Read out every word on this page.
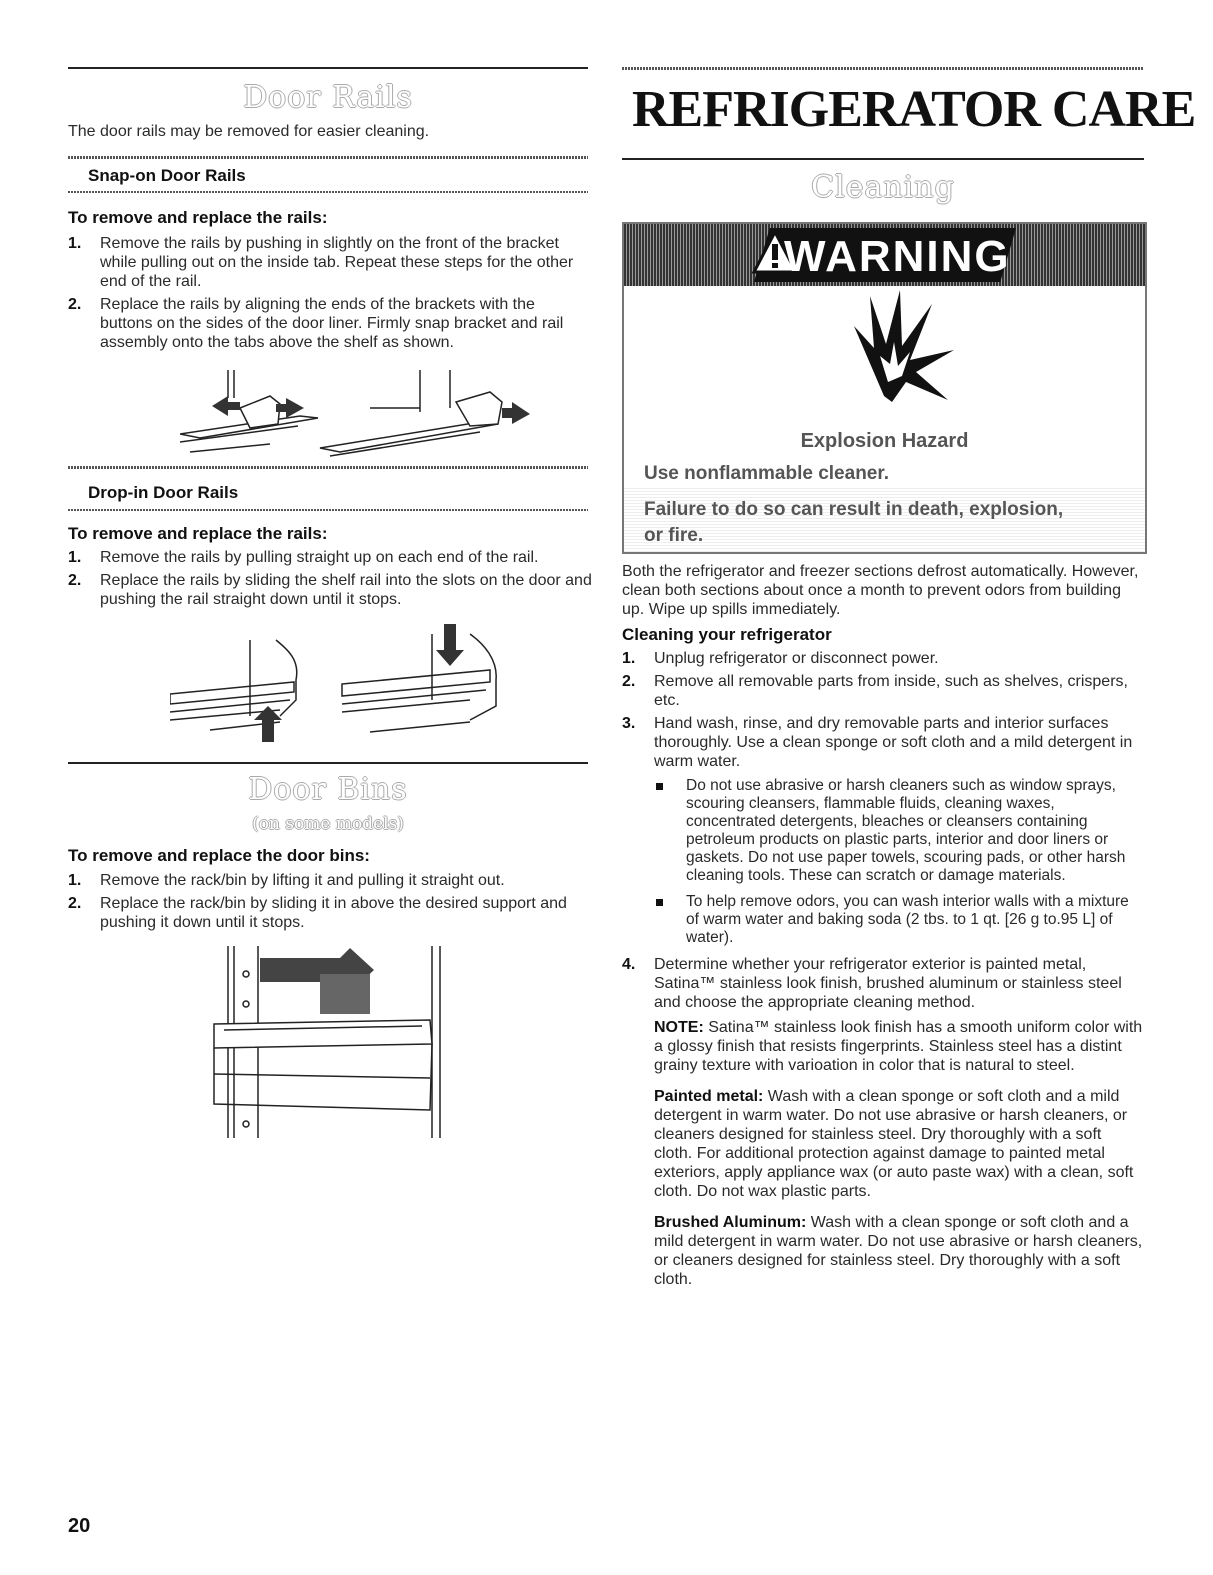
Door Rails
The door rails may be removed for easier cleaning.
Snap-on Door Rails
To remove and replace the rails:
1. Remove the rails by pushing in slightly on the front of the bracket while pulling out on the inside tab. Repeat these steps for the other end of the rail.
2. Replace the rails by aligning the ends of the brackets with the buttons on the sides of the door liner. Firmly snap bracket and rail assembly onto the tabs above the shelf as shown.
Drop-in Door Rails
To remove and replace the rails:
1. Remove the rails by pulling straight up on each end of the rail.
2. Replace the rails by sliding the shelf rail into the slots on the door and pushing the rail straight down until it stops.
Door Bins
(on some models)
To remove and replace the door bins:
1. Remove the rack/bin by lifting it and pulling it straight out.
2. Replace the rack/bin by sliding it in above the desired support and pushing it down until it stops.
20
REFRIGERATOR CARE
Cleaning
WARNING
Explosion Hazard
Use nonflammable cleaner.
Failure to do so can result in death, explosion,
or fire.

Both the refrigerator and freezer sections defrost automatically. However, clean both sections about once a month to prevent odors from building up. Wipe up spills immediately.

Cleaning your refrigerator
1. Unplug refrigerator or disconnect power.
2. Remove all removable parts from inside, such as shelves, crispers, etc.
3. Hand wash, rinse, and dry removable parts and interior surfaces thoroughly. Use a clean sponge or soft cloth and a mild detergent in warm water.
Do not use abrasive or harsh cleaners such as window sprays, scouring cleansers, flammable fluids, cleaning waxes, concentrated detergents, bleaches or cleansers containing petroleum products on plastic parts, interior and door liners or gaskets. Do not use paper towels, scouring pads, or other harsh cleaning tools. These can scratch or damage materials.
To help remove odors, you can wash interior walls with a mixture of warm water and baking soda (2 tbs. to 1 qt. [26 g to.95 L] of water).
4. Determine whether your refrigerator exterior is painted metal, Satina™ stainless look finish, brushed aluminum or stainless steel and choose the appropriate cleaning method.

NOTE: Satina™ stainless look finish has a smooth uniform color with a glossy finish that resists fingerprints. Stainless steel has a distint grainy texture with varioation in color that is natural to steel.

Painted metal: Wash with a clean sponge or soft cloth and a mild detergent in warm water. Do not use abrasive or harsh cleaners, or cleaners designed for stainless steel. Dry thoroughly with a soft cloth. For additional protection against damage to painted metal exteriors, apply appliance wax (or auto paste wax) with a clean, soft cloth. Do not wax plastic parts.

Brushed Aluminum: Wash with a clean sponge or soft cloth and a mild detergent in warm water. Do not use abrasive or harsh cleaners, or cleaners designed for stainless steel. Dry thoroughly with a soft cloth.
